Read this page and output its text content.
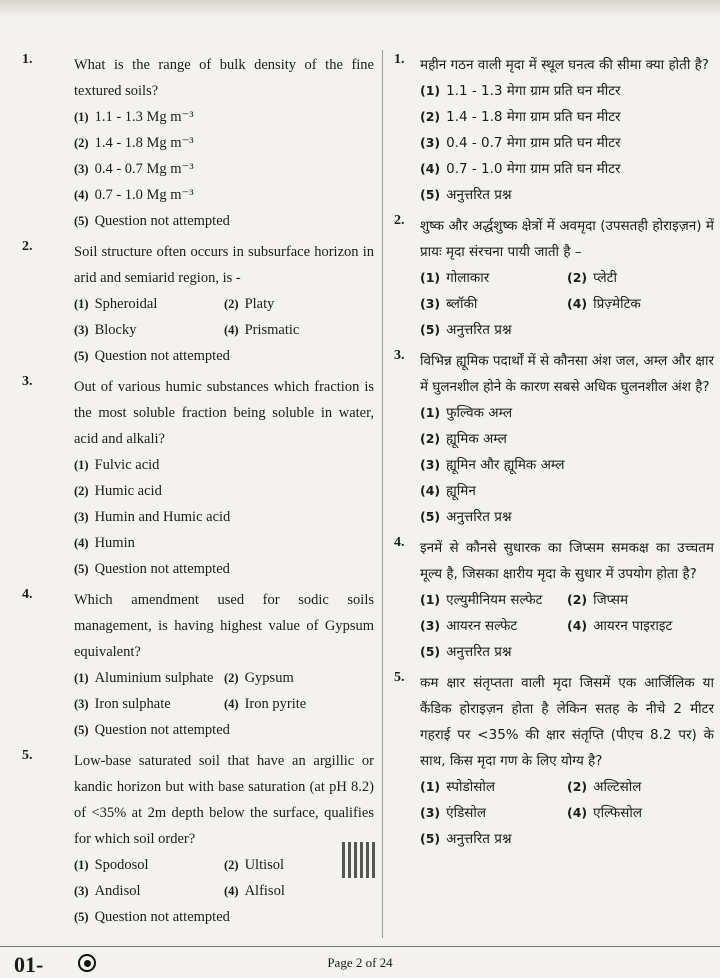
1.	What is the range of bulk density of the fine textured soils?
(1) 1.1 - 1.3 Mg m⁻³
(2) 1.4 - 1.8 Mg m⁻³
(3) 0.4 - 0.7 Mg m⁻³
(4) 0.7 - 1.0 Mg m⁻³
(5) Question not attempted
2.	Soil structure often occurs in subsurface horizon in arid and semiarid region, is -
(1) Spheroidal	(2) Platy
(3) Blocky	(4) Prismatic
(5) Question not attempted
3.	Out of various humic substances which fraction is the most soluble fraction being soluble in water, acid and alkali?
(1) Fulvic acid
(2) Humic acid
(3) Humin and Humic acid
(4) Humin
(5) Question not attempted
4.	Which amendment used for sodic soils management, is having highest value of Gypsum equivalent?
(1) Aluminium sulphate (2) Gypsum
(3) Iron sulphate	(4) Iron pyrite
(5) Question not attempted
5.	Low-base saturated soil that have an argillic or kandic horizon but with base saturation (at pH 8.2) of <35% at 2m depth below the surface, qualifies for which soil order?
(1) Spodosol	(2) Ultisol
(3) Andisol	(4) Alfisol
(5) Question not attempted
1. महीन गठन वाली मृदा में स्थूल घनत्व की सीमा क्या होती है?
(1) 1.1 - 1.3 मेगा ग्राम प्रति घन मीटर
(2) 1.4 - 1.8 मेगा ग्राम प्रति घन मीटर
(3) 0.4 - 0.7 मेगा ग्राम प्रति घन मीटर
(4) 0.7 - 1.0 मेगा ग्राम प्रति घन मीटर
(5) अनुत्तरित प्रश्न
2. शुष्क और अर्द्धशुष्क क्षेत्रों में अवमृदा (उपसतही होराइज़न) में प्रायः मृदा संरचना पायी जाती है –
(1) गोलाकार	(2) प्लेटी
(3) ब्लॉकी	(4) प्रिज़्मेटिक
(5) अनुत्तरित प्रश्न
3. विभिन्न ह्यूमिक पदार्थों में से कौनसा अंश जल, अम्ल और क्षार में घुलनशील होने के कारण सबसे अधिक घुलनशील अंश है?
(1) फुल्विक अम्ल
(2) ह्यूमिक अम्ल
(3) ह्यूमिन और ह्यूमिक अम्ल
(4) ह्यूमिन
(5) अनुत्तरित प्रश्न
4. इनमें से कौनसे सुधारक का जिप्सम समकक्ष का उच्चतम मूल्य है, जिसका क्षारीय मृदा के सुधार में उपयोग होता है?
(1) एल्युमीनियम सल्फेट	(2) जिप्सम
(3) आयरन सल्फेट	(4) आयरन पाइराइट
(5) अनुत्तरित प्रश्न
5. कम क्षार संतृप्तता वाली मृदा जिसमें एक आर्जिलिक या कैंडिक होराइज़न होता है लेकिन सतह के नीचे 2 मीटर गहराई पर <35% की क्षार संतृप्ति (पीएच 8.2 पर) के साथ, किस मृदा गण के लिए योग्य है?
(1) स्पोडोसोल	(2) अल्टिसोल
(3) एंडिसोल	(4) एल्फिसोल
(5) अनुत्तरित प्रश्न
01-	Page 2 of 24
